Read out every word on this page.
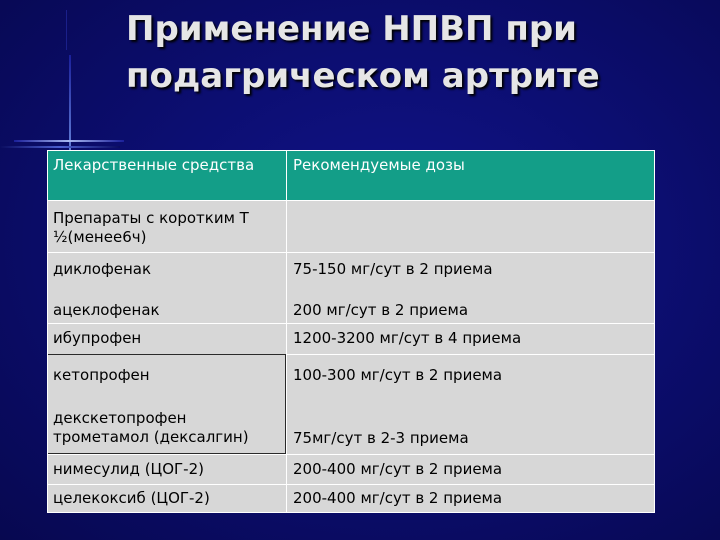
Применение НПВП при
подагрическом артрите
Лекарственные средства	Рекомендуемые дозы
Препараты с коротким Т ½(менее6ч)
диклофенак	75-150 мг/сут в 2 приема
ацеклофенак	200 мг/сут в 2 приема
ибупрофен	1200-3200 мг/сут в 4 приема
кетопрофен	100-300 мг/сут в 2 приема
декскетопрофен трометамол (дексалгин)	75мг/сут в 2-3 приема
нимесулид (ЦОГ-2)	200-400 мг/сут в 2 приема
целекоксиб (ЦОГ-2)	200-400 мг/сут в 2 приема
